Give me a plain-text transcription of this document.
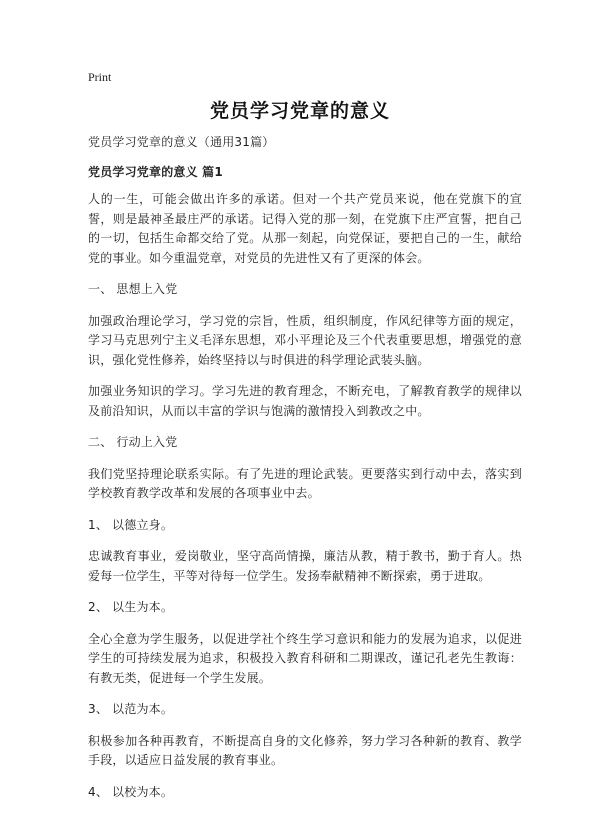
Print
党员学习党章的意义

党员学习党章的意义（通用31篇）

党员学习党章的意义 篇1

人的一生，可能会做出许多的承诺。但对一个共产党员来说，他在党旗下的宣誓，则是最神圣最庄严的承诺。记得入党的那一刻，在党旗下庄严宣誓，把自己的一切，包括生命都交给了党。从那一刻起，向党保证，要把自己的一生，献给党的事业。如今重温党章，对党员的先进性又有了更深的体会。

一、 思想上入党

加强政治理论学习，学习党的宗旨，性质，组织制度，作风纪律等方面的规定，学习马克思列宁主义毛泽东思想，邓小平理论及三个代表重要思想，增强党的意识，强化党性修养，始终坚持以与时俱进的科学理论武装头脑。

加强业务知识的学习。学习先进的教育理念，不断充电，了解教育教学的规律以及前沿知识，从而以丰富的学识与饱满的激情投入到教改之中。

二、 行动上入党

我们党坚持理论联系实际。有了先进的理论武装。更要落实到行动中去，落实到学校教育教学改革和发展的各项事业中去。

1、 以德立身。

忠诚教育事业，爱岗敬业，坚守高尚情操，廉洁从教，精于教书，勤于育人。热爱每一位学生，平等对待每一位学生。发扬奉献精神不断探索，勇于进取。

2、 以生为本。

全心全意为学生服务，以促进学社个终生学习意识和能力的发展为追求，以促进学生的可持续发展为追求，积极投入教育科研和二期课改，谨记孔老先生教诲：有教无类，促进每一个学生发展。

3、 以范为本。

积极参加各种再教育，不断提高自身的文化修养，努力学习各种新的教育、教学手段，以适应日益发展的教育事业。

4、 以校为本。
